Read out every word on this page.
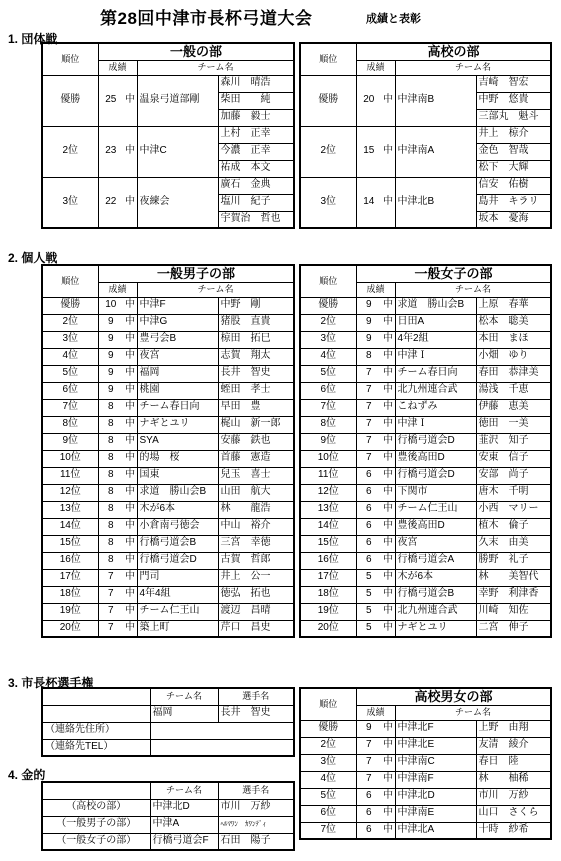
第28回中津市長杯弓道大会	成績と表彰
1. 団体戦
2. 個人戦
3. 市長杯選手権
4. 金的
順位	一般の部				
	成績		チーム名	
優勝	25	中	温泉弓道部剛	森川　晴浩	
				柴田　　純	
				加藤　毅士	
2位	23	中	中津C	上村　正幸	
				今濃　正幸	
				祐成　本文	
3位	22	中	夜練会	廣石　金典	
				塩川　紀子	
				宇賀治　哲也	
順位	高校の部				
	成績		チーム名	
優勝	20	中	中津南B	吉崎　智宏	
				中野　悠貴	
				三部丸　魁斗	
2位	15	中	中津南A	井上　椋介	
				金色　智哉	
				松下　大輝	
3位	14	中	中津北B	信安　佑樹	
				島井　キラリ	
				坂本　憂海	
順位	一般男子の部				
	成績		チーム名	
優勝	10	中	中津F	中野　剛	
2位	9	中	中津G	猪股　直貴	
3位	9	中	豊弓会B	椋田　拓巳	
4位	9	中	夜宮	志賀　翔太	
5位	9	中	福岡	長井　智史	
6位	9	中	桃園	蛭田　孝士	
7位	8	中	チーム春日向	早田　豊	
8位	8	中	ナギとユリ	梶山　新一郎	
9位	8	中	SYA	安藤　鉄也	
10位	8	中	的場　桜	首藤　憲造	
11位	8	中	国東	兒玉　喜士	
12位	8	中	求道　勝山会B	山田　航大	
13位	8	中	木が6本	林　　龍浩	
14位	8	中	小倉南弓徳会	中山　裕介	
15位	8	中	行橋弓道会B	三宮　幸徳	
16位	8	中	行橋弓道会D	古賀　哲郎	
17位	7	中	門司	井上　公一	
18位	7	中	4年4組	徳弘　拓也	
19位	7	中	チーム仁王山	渡辺　昌晴	
20位	7	中	築上町	芹口　昌史	
順位	一般女子の部				
	成績		チーム名	
優勝	9	中	求道　勝山会B	上原　春華	
2位	9	中	日田A	松本　聡美	
3位	9	中	4年2組	本田　まほ	
4位	8	中	中津Ｉ	小畑　ゆり	
5位	7	中	チーム春日向	春田　恭津美	
6位	7	中	北九州連合武	湯浅　千恵	
7位	7	中	こねずみ	伊藤　恵美	
8位	7	中	中津Ｉ	徳田　一美	
9位	7	中	行橋弓道会D	韮沢　知子	
10位	7	中	豊後高田D	安東　信子	
11位	6	中	行橋弓道会D	安部　尚子	
12位	6	中	下関市	唐木　千明	
13位	6	中	チーム仁王山	小西　マリー	
14位	6	中	豊後高田D	植木　倫子	
15位	6	中	夜宮	久末　由美	
16位	6	中	行橋弓道会A	勝野　礼子	
17位	5	中	木が6本	林　　美智代	
18位	5	中	行橋弓道会B	幸野　利津香	
19位	5	中	北九州連合武	川崎　知佐	
20位	5	中	ナギとユリ	二宮　伸子	
	チーム名	選手名
	福岡	長井　智史
（連絡先住所）		
（連絡先TEL）		
	チーム名	選手名
（高校の部）	中津北D	市川　万紗
（一般男子の部）	中津A	ﾍﾙﾏﾜﾝ　ｶﾜﾝﾃﾞｨ
（一般女子の部）	行橋弓道会F	石田　陽子
順位	高校男女の部				
	成績		チーム名	
優勝	9	中	中津北F	上野　由翔	
2位	7	中	中津北E	友清　綾介	
3位	7	中	中津南C	春日　陸	
4位	7	中	中津南F	林　　柚稀	
5位	6	中	中津北D	市川　万紗	
6位	6	中	中津南E	山口　さくら	
7位	6	中	中津北A	十時　紗希	
